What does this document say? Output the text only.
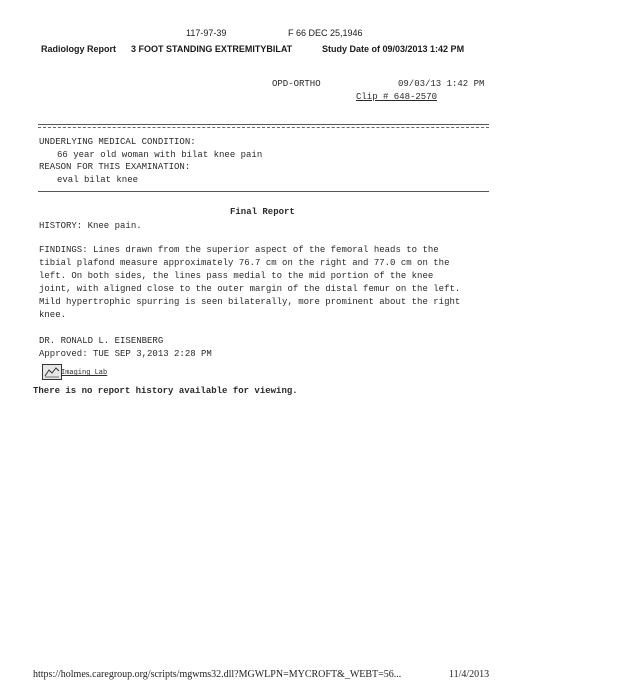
117-97-39	F 66 DEC 25,1946
Radiology Report 3 FOOT STANDING EXTREMITYBILAT	Study Date of 09/03/2013 1:42 PM
OPD-ORTHO	09/03/13 1:42 PM
Clip # 648-2570
UNDERLYING MEDICAL CONDITION:
66 year old woman with bilat knee pain
REASON FOR THIS EXAMINATION:
eval bilat knee
Final Report
HISTORY: Knee pain.
FINDINGS: Lines drawn from the superior aspect of the femoral heads to the
tibial plafond measure approximately 76.7 cm on the right and 77.0 cm on the
left. On both sides, the lines pass medial to the mid portion of the knee
joint, with aligned close to the outer margin of the distal femur on the left.
Mild hypertrophic spurring is seen bilaterally, more prominent about the right
knee.
DR. RONALD L. EISENBERG
Approved: TUE SEP 3,2013 2:28 PM
Imaging Lab
There is no report history available for viewing.
https://holmes.caregroup.org/scripts/mgwms32.dll?MGWLPN=MYCROFT&_WEBT=56...	11/4/2013
